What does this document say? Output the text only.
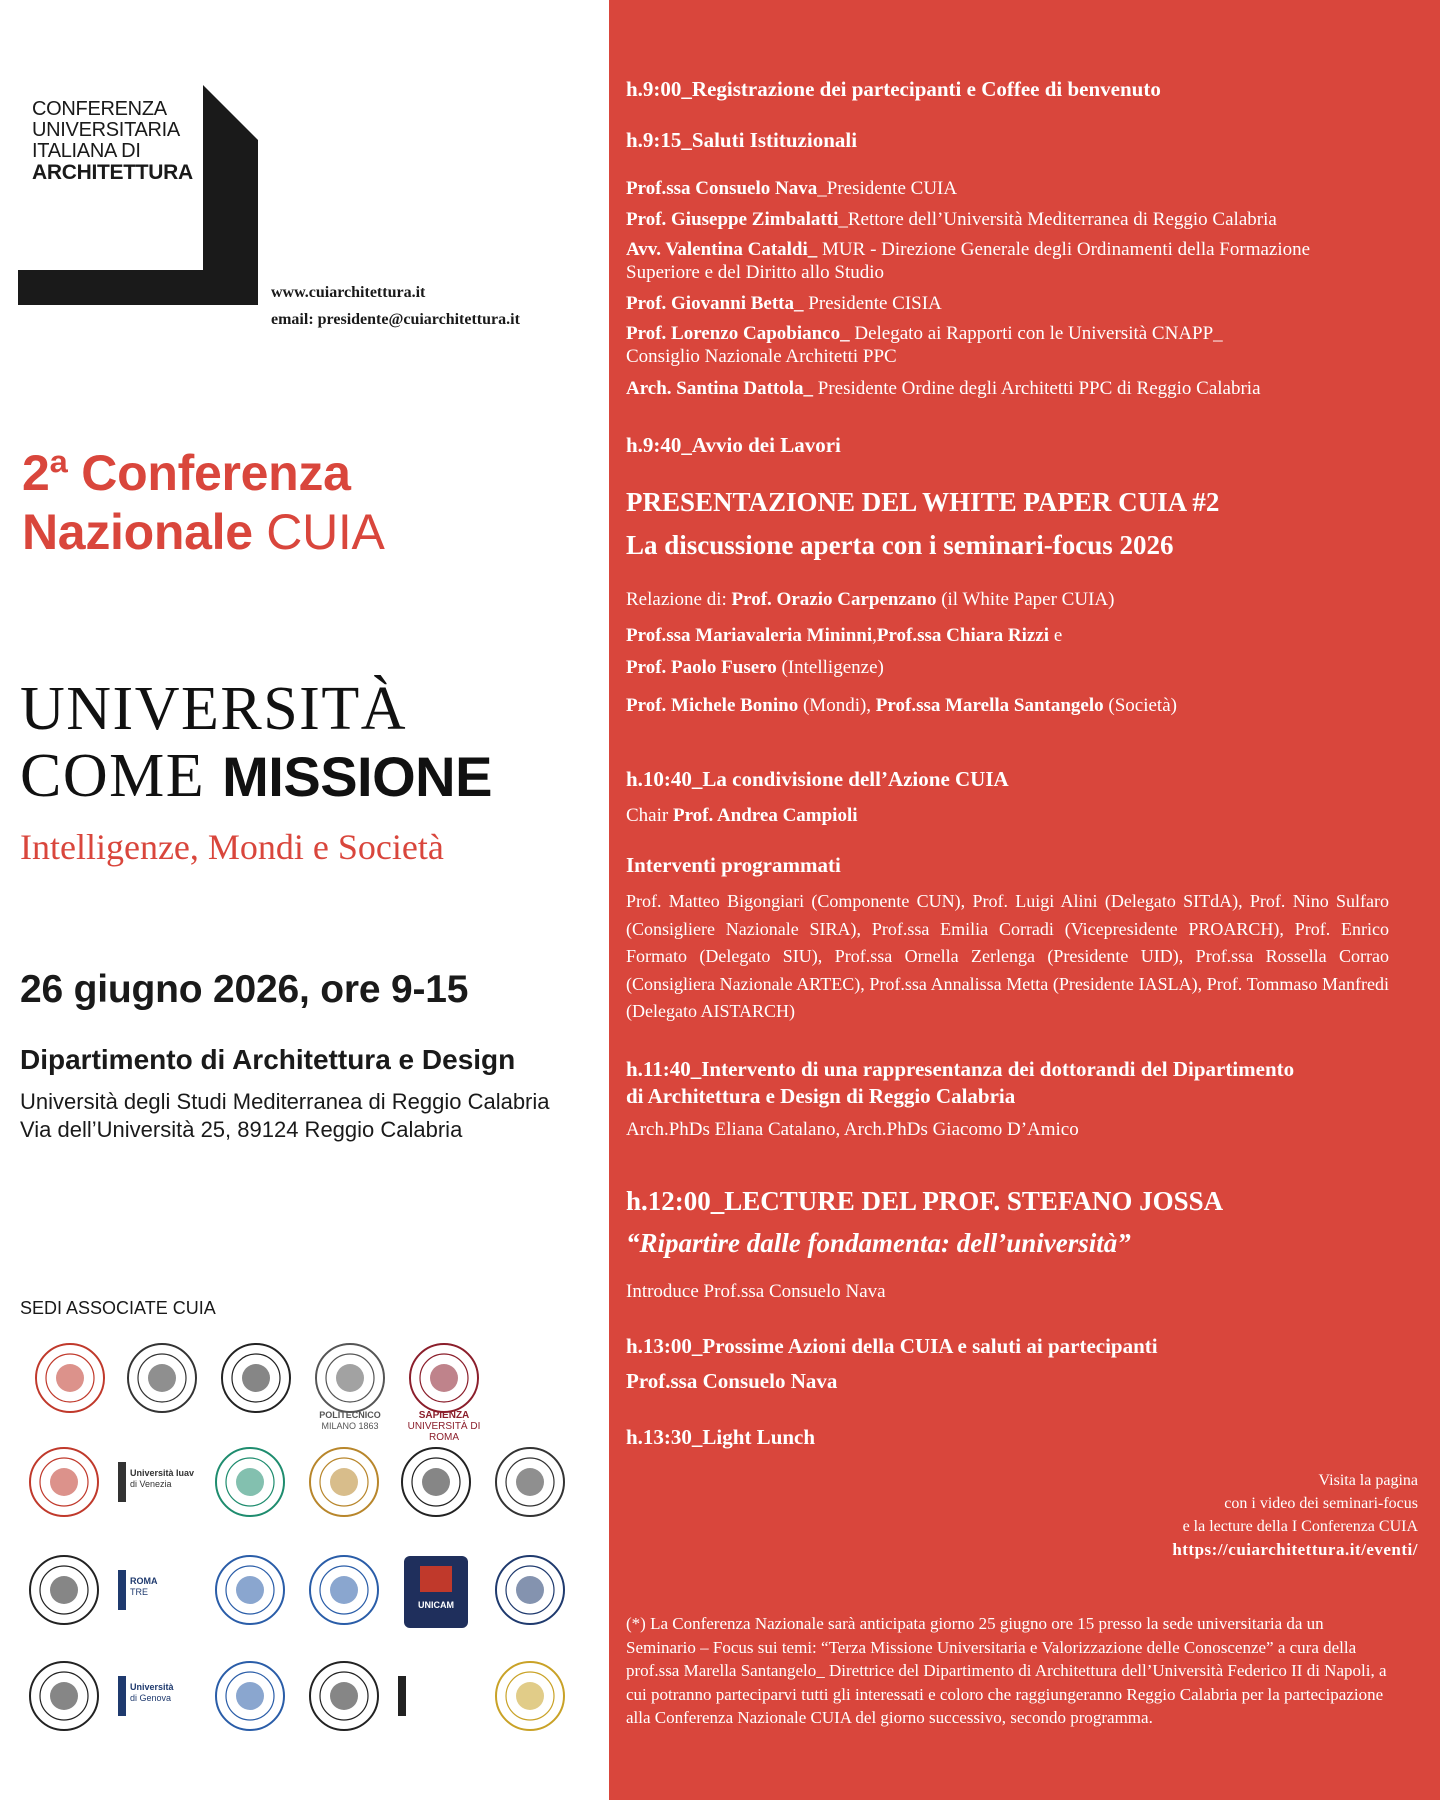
CONFERENZA
UNIVERSITARIA
ITALIANA DI
ARCHITETTURA
www.cuiarchitettura.it
email: presidente@cuiarchitettura.it
2ª Conferenza
Nazionale CUIA
UNIVERSITÀ
COME MISSIONE
Intelligenze, Mondi e Società
26 giugno 2026, ore 9-15
Dipartimento di Architettura e Design
Università degli Studi Mediterranea di Reggio Calabria
Via dell’Università 25, 89124 Reggio Calabria
SEDI ASSOCIATE CUIA
POLITECNICO
MILANO 1863
SAPIENZA
UNIVERSITÀ DI ROMA
Università Iuav
di Venezia
ROMA
TRE
UNICAM
Università
di Genova
h.9:00_Registrazione dei partecipanti e Coffee di benvenuto
h.9:15_Saluti Istituzionali
Prof.ssa Consuelo Nava_Presidente CUIA
Prof. Giuseppe Zimbalatti_Rettore dell’Università Mediterranea di Reggio Calabria
Avv. Valentina Cataldi_ MUR - Direzione Generale degli Ordinamenti della Formazione
Superiore e del Diritto allo Studio
Prof. Giovanni Betta_ Presidente CISIA
Prof. Lorenzo Capobianco_ Delegato ai Rapporti con le Università CNAPP_
Consiglio Nazionale Architetti PPC
Arch. Santina Dattola_ Presidente Ordine degli Architetti PPC di Reggio Calabria
h.9:40_Avvio dei Lavori
PRESENTAZIONE DEL WHITE PAPER CUIA #2
La discussione aperta con i seminari-focus 2026
Relazione di: Prof. Orazio Carpenzano (il White Paper CUIA)
Prof.ssa Mariavaleria Mininni,Prof.ssa Chiara Rizzi e
Prof. Paolo Fusero (Intelligenze)
Prof. Michele Bonino (Mondi), Prof.ssa Marella Santangelo (Società)
h.10:40_La condivisione dell’Azione CUIA
Chair Prof. Andrea Campioli
Interventi programmati
Prof. Matteo Bigongiari (Componente CUN), Prof. Luigi Alini (Delegato SITdA), Prof. Nino Sulfaro (Consigliere Nazionale SIRA), Prof.ssa Emilia Corradi (Vicepresidente PROARCH), Prof. Enrico Formato (Delegato SIU), Prof.ssa Ornella Zerlenga (Presidente UID), Prof.ssa Rossella Corrao (Consigliera Nazionale ARTEC), Prof.ssa Annalissa Metta (Presidente IASLA), Prof. Tommaso Manfredi (Delegato AISTARCH)
h.11:40_Intervento di una rappresentanza dei dottorandi del Dipartimento
di Architettura e Design di Reggio Calabria
Arch.PhDs Eliana Catalano, Arch.PhDs Giacomo D’Amico
h.12:00_LECTURE DEL PROF. STEFANO JOSSA
“Ripartire dalle fondamenta: dell’università”
Introduce Prof.ssa Consuelo Nava
h.13:00_Prossime Azioni della CUIA e saluti ai partecipanti
Prof.ssa Consuelo Nava
h.13:30_Light Lunch
Visita la pagina
con i video dei seminari-focus
e la lecture della I Conferenza CUIA
https://cuiarchitettura.it/eventi/
(*) La Conferenza Nazionale sarà anticipata giorno 25 giugno ore 15 presso la sede universitaria da un Seminario – Focus sui temi: “Terza Missione Universitaria e Valorizzazione delle Conoscenze” a cura della prof.ssa Marella Santangelo_ Direttrice del Dipartimento di Architettura dell’Università Federico II di Napoli, a cui potranno parteciparvi tutti gli interessati e coloro che raggiungeranno Reggio Calabria per la partecipazione alla Conferenza Nazionale CUIA del giorno successivo, secondo programma.
